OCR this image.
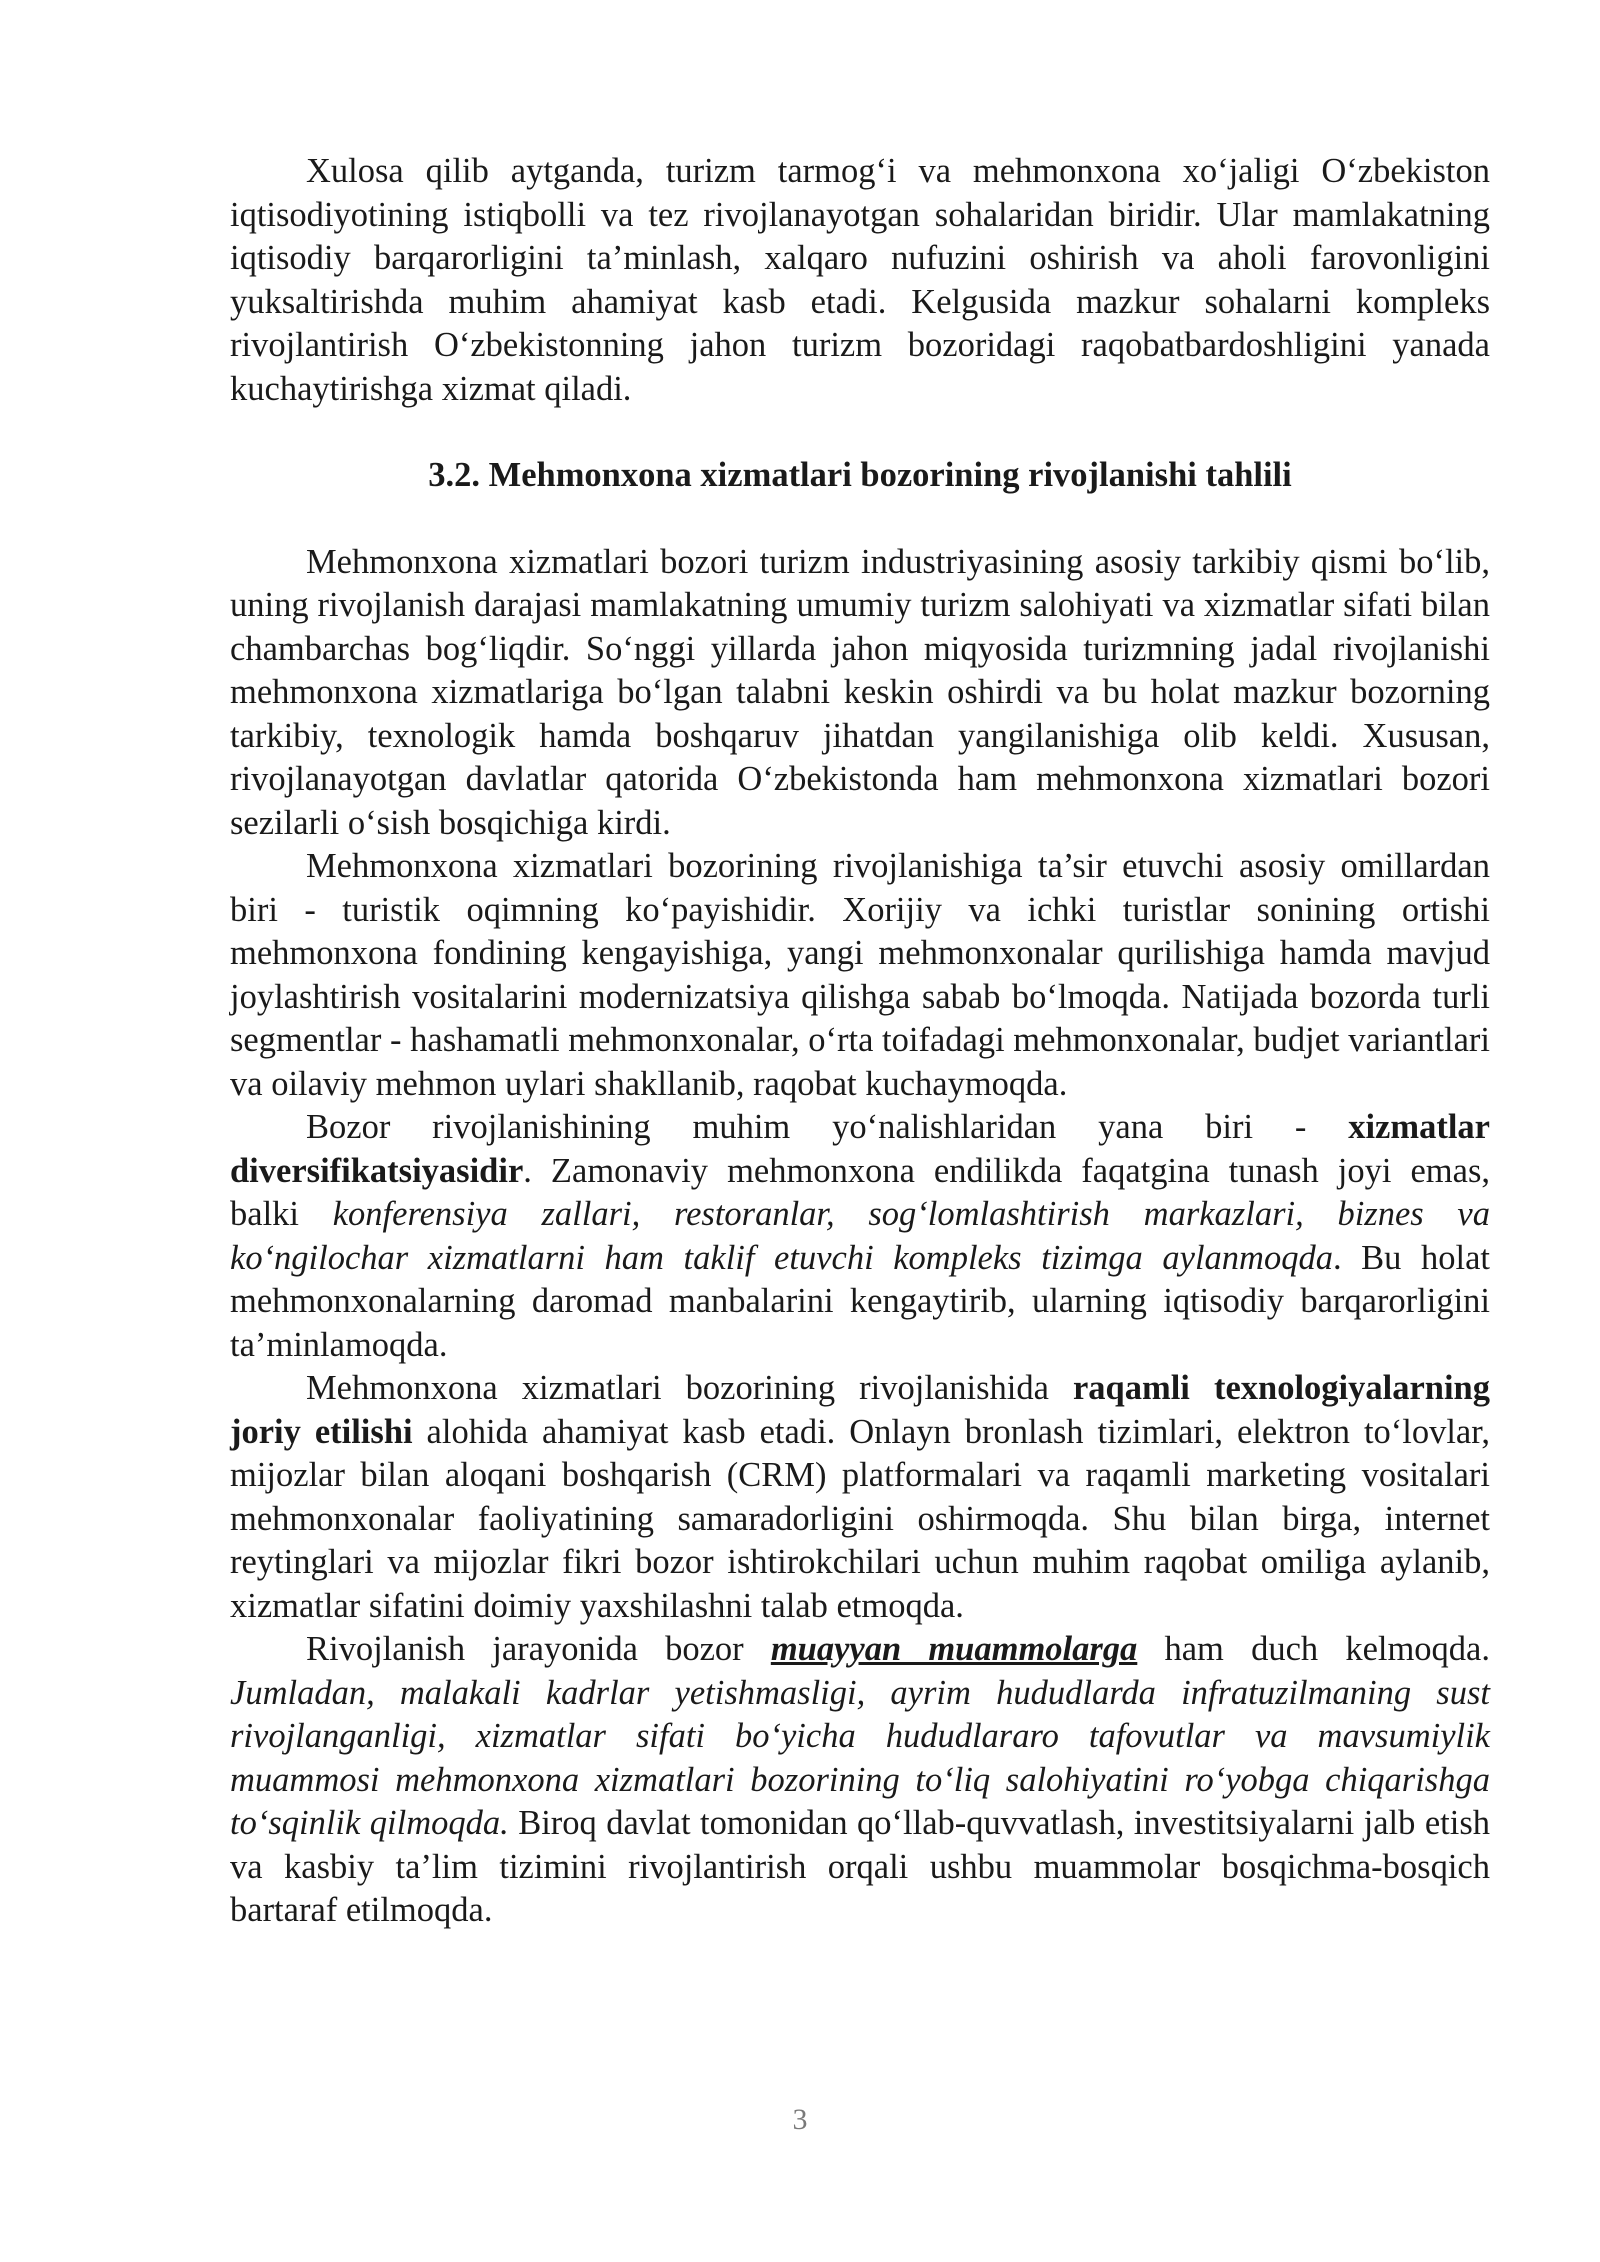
Xulosa qilib aytganda, turizm tarmog‘i va mehmonxona xo‘jaligi O‘zbekiston iqtisodiyotining istiqbolli va tez rivojlanayotgan sohalaridan biridir. Ular mamlakatning iqtisodiy barqarorligini ta’minlash, xalqaro nufuzini oshirish va aholi farovonligini yuksaltirishda muhim ahamiyat kasb etadi. Kelgusida mazkur sohalarni kompleks rivojlantirish O‘zbekistonning jahon turizm bozoridagi raqobatbardoshligini yanada kuchaytirishga xizmat qiladi.

3.2. Mehmonxona xizmatlari bozorining rivojlanishi tahlili

Mehmonxona xizmatlari bozori turizm industriyasining asosiy tarkibiy qismi bo‘lib, uning rivojlanish darajasi mamlakatning umumiy turizm salohiyati va xizmatlar sifati bilan chambarchas bog‘liqdir. So‘nggi yillarda jahon miqyosida turizmning jadal rivojlanishi mehmonxona xizmatlariga bo‘lgan talabni keskin oshirdi va bu holat mazkur bozorning tarkibiy, texnologik hamda boshqaruv jihatdan yangilanishiga olib keldi. Xususan, rivojlanayotgan davlatlar qatorida O‘zbekistonda ham mehmonxona xizmatlari bozori sezilarli o‘sish bosqichiga kirdi.

Mehmonxona xizmatlari bozorining rivojlanishiga ta’sir etuvchi asosiy omillardan biri - turistik oqimning ko‘payishidir. Xorijiy va ichki turistlar sonining ortishi mehmonxona fondining kengayishiga, yangi mehmonxonalar qurilishiga hamda mavjud joylashtirish vositalarini modernizatsiya qilishga sabab bo‘lmoqda. Natijada bozorda turli segmentlar - hashamatli mehmonxonalar, o‘rta toifadagi mehmonxonalar, budjet variantlari va oilaviy mehmon uylari shakllanib, raqobat kuchaymoqda.

Bozor rivojlanishining muhim yo‘nalishlaridan yana biri - xizmatlar diversifikatsiyasidir. Zamonaviy mehmonxona endilikda faqatgina tunash joyi emas, balki konferensiya zallari, restoranlar, sog‘lomlashtirish markazlari, biznes va ko‘ngilochar xizmatlarni ham taklif etuvchi kompleks tizimga aylanmoqda. Bu holat mehmonxonalarning daromad manbalarini kengaytirib, ularning iqtisodiy barqarorligini ta’minlamoqda.

Mehmonxona xizmatlari bozorining rivojlanishida raqamli texnologiyalarning joriy etilishi alohida ahamiyat kasb etadi. Onlayn bronlash tizimlari, elektron to‘lovlar, mijozlar bilan aloqani boshqarish (CRM) platformalari va raqamli marketing vositalari mehmonxonalar faoliyatining samaradorligini oshirmoqda. Shu bilan birga, internet reytinglari va mijozlar fikri bozor ishtirokchilari uchun muhim raqobat omiliga aylanib, xizmatlar sifatini doimiy yaxshilashni talab etmoqda.

Rivojlanish jarayonida bozor muayyan muammolarga ham duch kelmoqda. Jumladan, malakali kadrlar yetishmasligi, ayrim hududlarda infratuzilmaning sust rivojlanganligi, xizmatlar sifati bo‘yicha hududlararo tafovutlar va mavsumiylik muammosi mehmonxona xizmatlari bozorining to‘liq salohiyatini ro‘yobga chiqarishga to‘sqinlik qilmoqda. Biroq davlat tomonidan qo‘llab-quvvatlash, investitsiyalarni jalb etish va kasbiy ta’lim tizimini rivojlantirish orqali ushbu muammolar bosqichma-bosqich bartaraf etilmoqda.

3
